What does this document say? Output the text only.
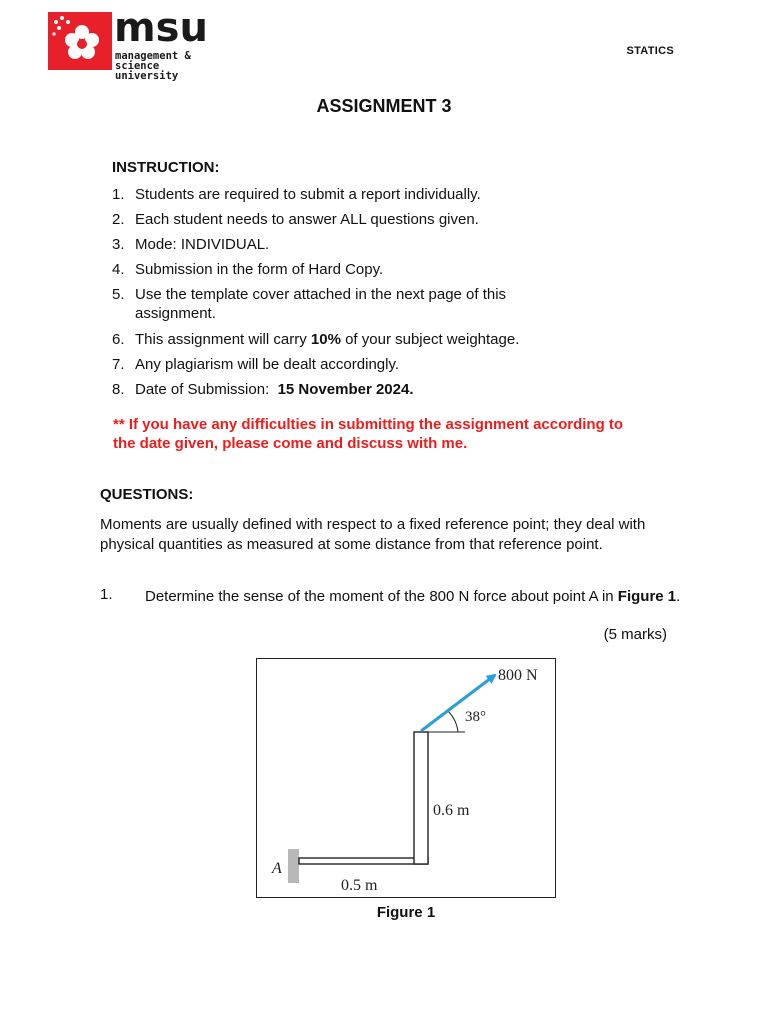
msu
management &
science university
STATICS
ASSIGNMENT 3
INSTRUCTION:
1. Students are required to submit a report individually.
2. Each student needs to answer ALL questions given.
3. Mode: INDIVIDUAL.
4. Submission in the form of Hard Copy.
5. Use the template cover attached in the next page of this assignment.
6. This assignment will carry 10% of your subject weightage.
7. Any plagiarism will be dealt accordingly.
8. Date of Submission:  15 November 2024.
** If you have any difficulties in submitting the assignment according to the date given, please come and discuss with me.
QUESTIONS:
Moments are usually defined with respect to a fixed reference point; they deal with physical quantities as measured at some distance from that reference point.
1. Determine the sense of the moment of the 800 N force about point A in Figure 1.
(5 marks)
800 N
38°
0.6 m
0.5 m
A
Figure 1
